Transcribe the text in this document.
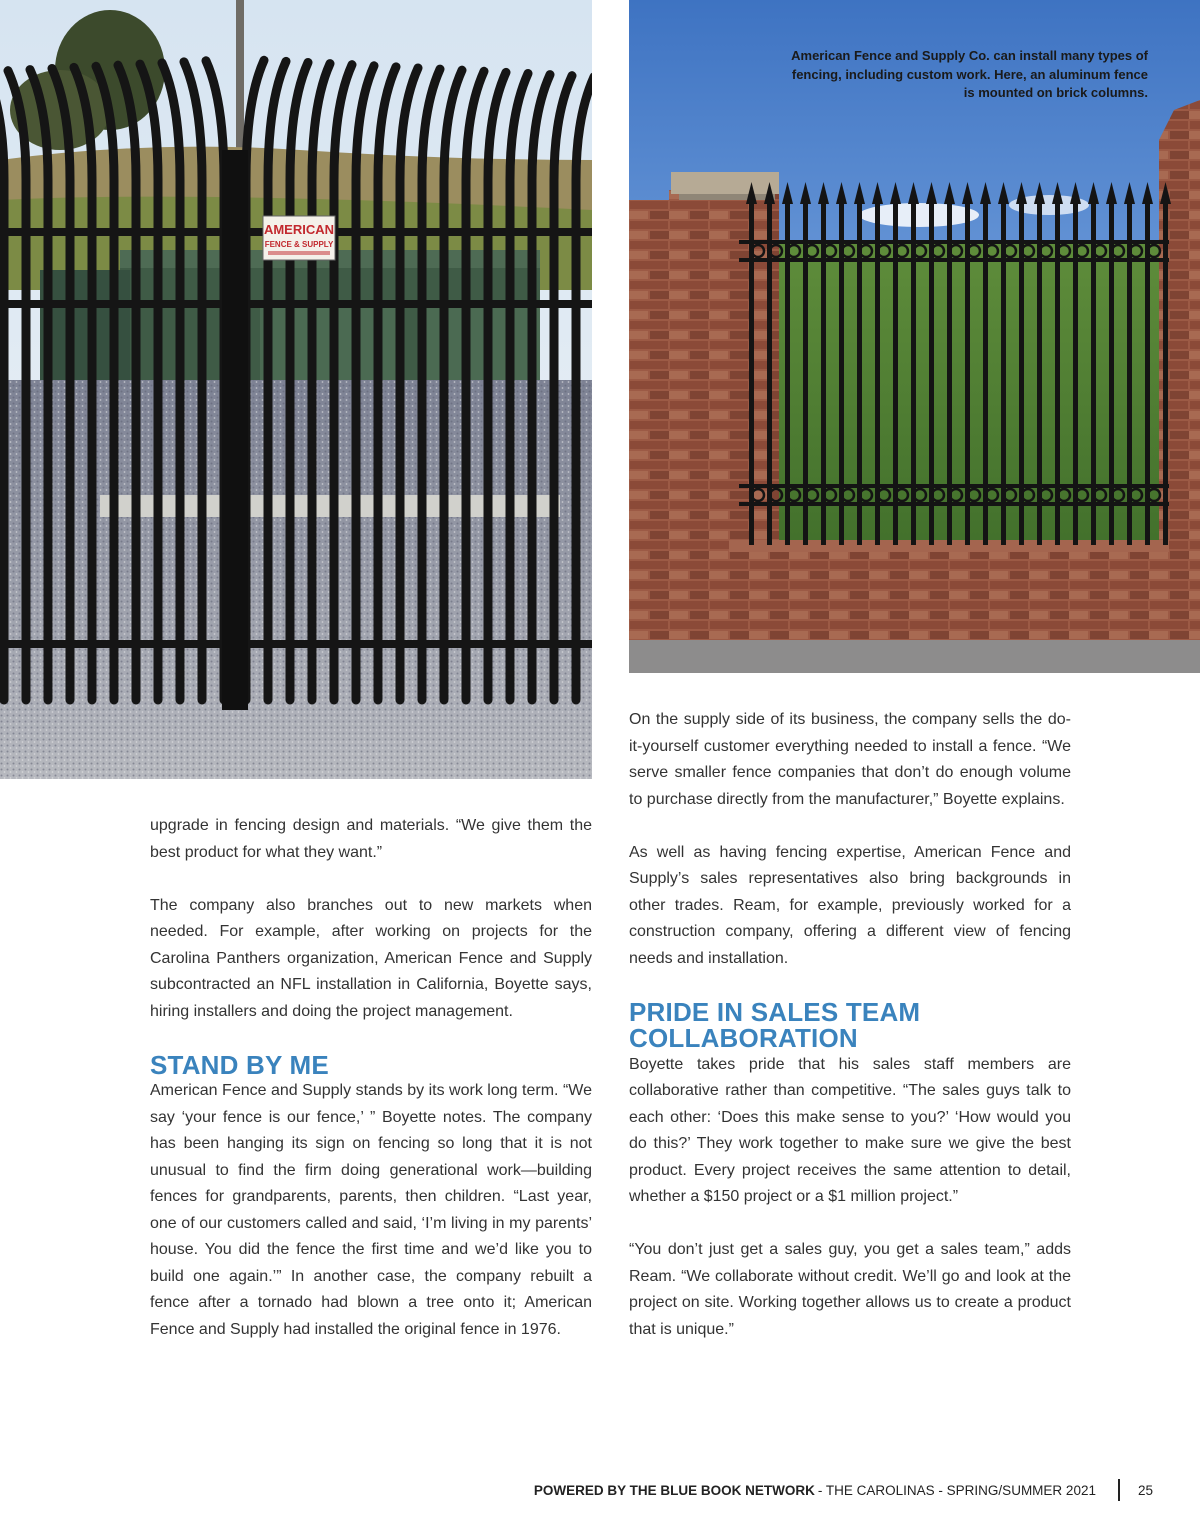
AMERICAN
FENCE & SUPPLY
American Fence and Supply Co. can install many types of fencing, including custom work. Here, an aluminum fence is mounted on brick columns.

upgrade in fencing design and materials. “We give them the best product for what they want.”

The company also branches out to new markets when needed. For example, after working on projects for the Carolina Panthers organization, American Fence and Supply subcontracted an NFL installation in California, Boyette says, hiring installers and doing the project management.

STAND BY ME

American Fence and Supply stands by its work long term. “We say ‘your fence is our fence,’ ” Boyette notes. The company has been hanging its sign on fencing so long that it is not unusual to find the firm doing generational work—building fences for grandparents, parents, then children. “Last year, one of our customers called and said, ‘I’m living in my parents’ house. You did the fence the first time and we’d like you to build one again.’” In another case, the company rebuilt a fence after a tornado had blown a tree onto it; American Fence and Supply had installed the original fence in 1976.

On the supply side of its business, the company sells the do-it-yourself customer everything needed to install a fence. “We serve smaller fence companies that don’t do enough volume to purchase directly from the manufacturer,” Boyette explains.

As well as having fencing expertise, American Fence and Supply’s sales representatives also bring backgrounds in other trades. Ream, for example, previously worked for a construction company, offering a different view of fencing needs and installation.

PRIDE IN SALES TEAM
COLLABORATION

Boyette takes pride that his sales staff members are collaborative rather than competitive. “The sales guys talk to each other: ‘Does this make sense to you?’ ‘How would you do this?’ They work together to make sure we give the best product. Every project receives the same attention to detail, whether a $150 project or a $1 million project.”

“You don’t just get a sales guy, you get a sales team,” adds Ream. “We collaborate without credit. We’ll go and look at the project on site. Working together allows us to create a product that is unique.”

POWERED BY THE BLUE BOOK NETWORK - THE CAROLINAS - SPRING/SUMMER 2021	25
